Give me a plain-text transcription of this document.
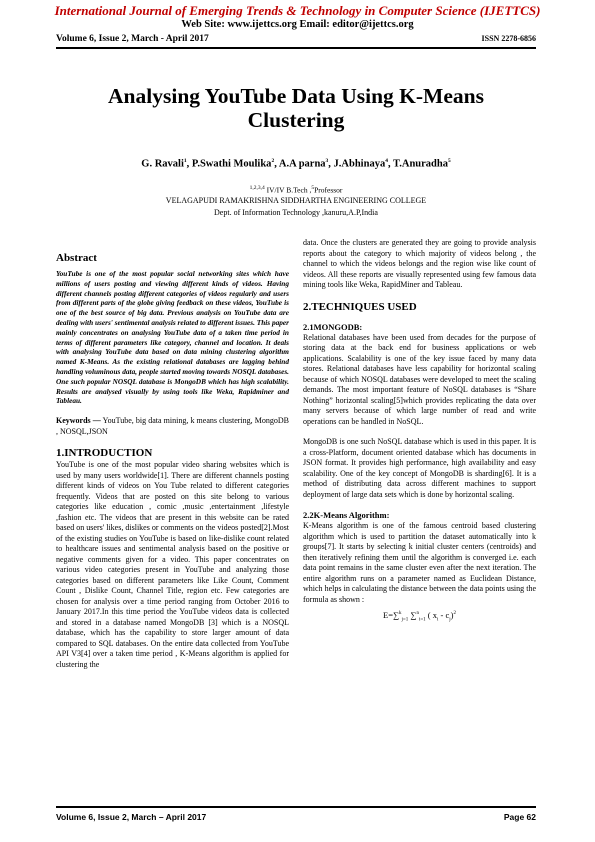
International Journal of Emerging Trends & Technology in Computer Science (IJETTCS)
Web Site: www.ijettcs.org Email: editor@ijettcs.org
Volume 6, Issue 2, March - April 2017	ISSN 2278-6856
Analysing YouTube Data Using K-Means
Clustering
G. Ravali$^1$, P.Swathi Moulika$^2$, A.A parna$^3$, J.Abhinaya$^4$, T.Anuradha$^5$
$^{1,2,3,4}$ IV/IV B.Tech ,$^5$Professor
VELAGAPUDI RAMAKRISHNA SIDDHARTHA ENGINEERING COLLEGE
Dept. of Information Technology ,kanuru,A.P,India
Abstract

YouTube is one of the most popular social networking sites which have millions of users posting and viewing different kinds of videos. Having different channels posting different categories of videos regularly and users from different parts of the globe giving feedback on these videos, YouTube is one of the best source of big data. Previous analysis on YouTube data are dealing with users' sentimental analysis related to different issues. This paper mainly concentrates on analysing YouTube data of a taken time period in terms of different parameters like category, channel and location. It deals with analysing YouTube data based on data mining clustering algorithm named K-Means. As the existing relational databases are lagging behind handling voluminous data, people started moving towards NOSQL databases. One such popular NOSQL database is MongoDB which has high scalability. Results are analysed visually by using tools like Weka, Rapidminer and Tableau.

Keywords — YouTube, big data mining, k means clustering, MongoDB , NOSQL,JSON

1.INTRODUCTION

YouTube is one of the most popular video sharing websites which is used by many users worldwide[1]. There are different channels posting different kinds of videos on You Tube related to different categories frequently. Videos that are posted on this site belong to various categories like education , comic ,music ,entertainment ,lifestyle ,fashion etc. The videos that are present in this website can be rated based on users' likes, dislikes or comments on the videos posted[2].Most of the existing studies on YouTube is based on like-dislike count related to healthcare issues and sentimental analysis based on the positive or negative comments given for a video. This paper concentrates on various video categories present in YouTube and analyzing those categories based on different parameters like Like Count, Comment Count , Dislike Count, Channel Title, region etc. Few categories are chosen for analysis over a time period ranging from October 2016 to January 2017.In this time period the YouTube videos data is collected and stored in a database named MongoDB [3] which is a NOSQL database, which has the capability to store larger amount of data compared to SQL databases. On the entire data collected from YouTube API V3[4] over a taken time period , K-Means algorithm is applied for clustering the

data. Once the clusters are generated they are going to provide analysis reports about the category to which majority of videos belong , the channel to which the videos belongs and the region wise like count of videos. All these reports are visually represented using few famous data mining tools like Weka, RapidMiner and Tableau.

2.TECHNIQUES USED
2.1MONGODB:

Relational databases have been used from decades for the purpose of storing data at the back end for business applications or web applications. Scalability is one of the key issue faced by many data stores. Relational databases have less capability for horizontal scaling because of which NOSQL databases were developed to meet the scaling demands. The most important feature of NoSQL databases is “Share Nothing” horizontal scaling[5]which provides replicating the data over many servers because of which large number of read and write operations can be handled in NoSQL.

MongoDB is one such NoSQL database which is used in this paper. It is a cross-Platform, document oriented database which has documents in JSON format. It provides high performance, high availability and easy scalability. One of the key concept of MongoDB is sharding[6]. It is a method of distributing data across different machines to support deployment of large data sets which is done by horizontal scaling.

2.2K-Means Algorithm:

K-Means algorithm is one of the famous centroid based clustering algorithm which is used to partition the dataset automatically into k groups[7]. It starts by selecting k initial cluster centers (centroids) and then iteratively refining them until the algorithm is converged i.e. each data point remains in the same cluster even after the next iteration. The entire algorithm runs on a parameter named as Euclidean Distance, which helps in calculating the distance between the data points using the formula as shown :

E=∑$^k_{j=1}$ ∑$^n_{i=1}$ ( $x_i - c_j)^2$
Volume 6, Issue 2, March – April 2017	Page 62
